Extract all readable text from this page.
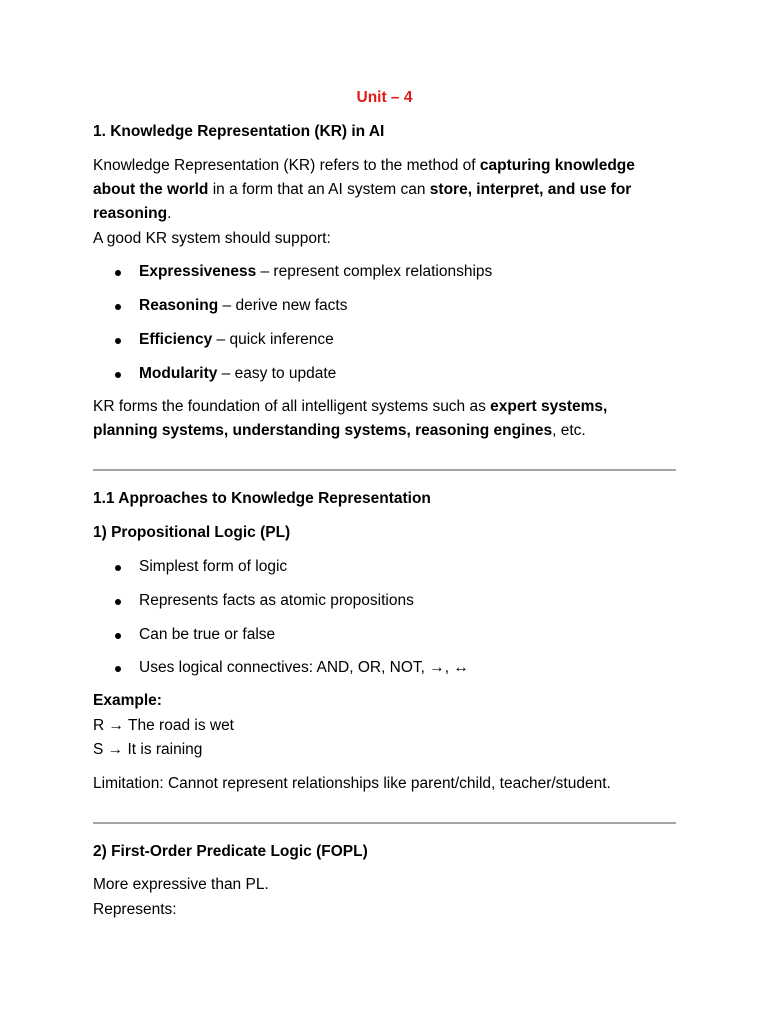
Unit – 4
1. Knowledge Representation (KR) in AI
Knowledge Representation (KR) refers to the method of capturing knowledge
about the world in a form that an AI system can store, interpret, and use for
reasoning.
A good KR system should support:
Expressiveness – represent complex relationships
Reasoning – derive new facts
Efficiency – quick inference
Modularity – easy to update
KR forms the foundation of all intelligent systems such as expert systems,
planning systems, understanding systems, reasoning engines, etc.
1.1 Approaches to Knowledge Representation
1) Propositional Logic (PL)
Simplest form of logic
Represents facts as atomic propositions
Can be true or false
Uses logical connectives: AND, OR, NOT, →, ↔
Example:
R → The road is wet
S → It is raining
Limitation: Cannot represent relationships like parent/child, teacher/student.
2) First-Order Predicate Logic (FOPL)
More expressive than PL.
Represents:
